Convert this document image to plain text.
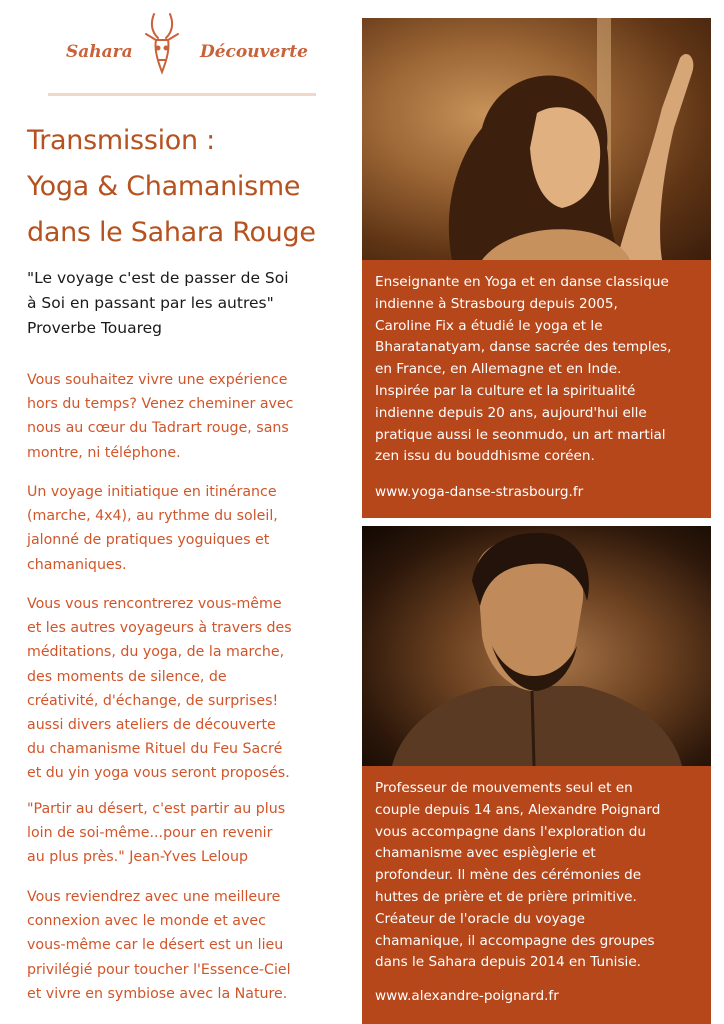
Sahara	Découverte
Transmission :
Yoga & Chamanisme
dans le Sahara Rouge
"Le voyage c'est de passer de Soi
à Soi en passant par les autres"
Proverbe Touareg
Vous souhaitez vivre une expérience
hors du temps? Venez cheminer avec
nous au cœur du Tadrart rouge, sans
montre, ni téléphone.
Un voyage initiatique en itinérance
(marche, 4x4), au rythme du soleil,
jalonné de pratiques yoguiques et
chamaniques.
Vous vous rencontrerez vous-même
et les autres voyageurs à travers des
méditations, du yoga, de la marche,
des moments de silence, de
créativité, d'échange, de surprises!
aussi divers ateliers de découverte
du chamanisme Rituel du Feu Sacré
et du yin yoga vous seront proposés.
"Partir au désert, c'est partir au plus
loin de soi-même...pour en revenir
au plus près." Jean-Yves Leloup
Vous reviendrez avec une meilleure
connexion avec le monde et avec
vous-même car le désert est un lieu
privilégié pour toucher l'Essence-Ciel
et vivre en symbiose avec la Nature.

Enseignante en Yoga et en danse classique

indienne à Strasbourg depuis 2005,

Caroline Fix a étudié le yoga et le

Bharatanatyam, danse sacrée des temples,

en France, en Allemagne et en Inde.

Inspirée par la culture et la spiritualité

indienne depuis 20 ans, aujourd'hui elle

pratique aussi le seonmudo, un art martial

zen issu du bouddhisme coréen.

www.yoga-danse-strasbourg.fr

Professeur de mouvements seul et en

couple depuis 14 ans, Alexandre Poignard

vous accompagne dans l'exploration du

chamanisme avec espièglerie et

profondeur. Il mène des cérémonies de

huttes de prière et de prière primitive.

Créateur de l'oracle du voyage

chamanique, il accompagne des groupes

dans le Sahara depuis 2014 en Tunisie.

www.alexandre-poignard.fr
